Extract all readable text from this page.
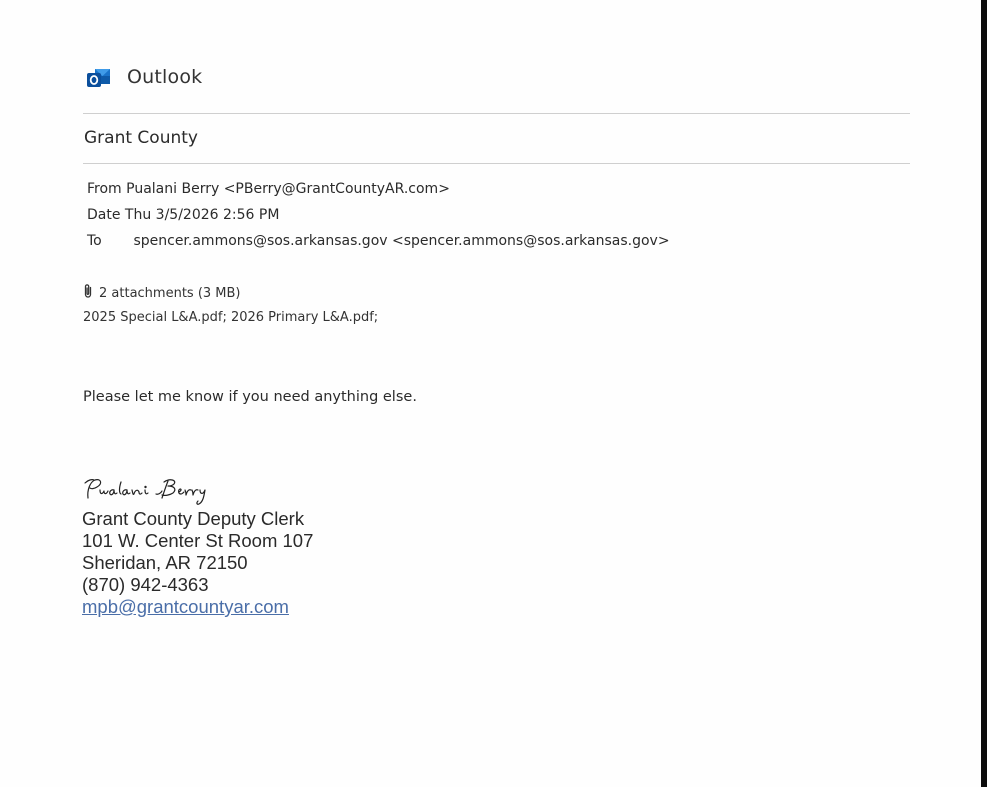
Outlook
Grant County
From Pualani Berry <PBerry@GrantCountyAR.com>
Date Thu 3/5/2026 2:56 PM
To spencer.ammons@sos.arkansas.gov <spencer.ammons@sos.arkansas.gov>
2 attachments (3 MB)
2025 Special L&A.pdf; 2026 Primary L&A.pdf;
Please let me know if you need anything else.
Grant County Deputy Clerk
101 W. Center St Room 107
Sheridan, AR 72150
(870) 942-4363
mpb@grantcountyar.com
